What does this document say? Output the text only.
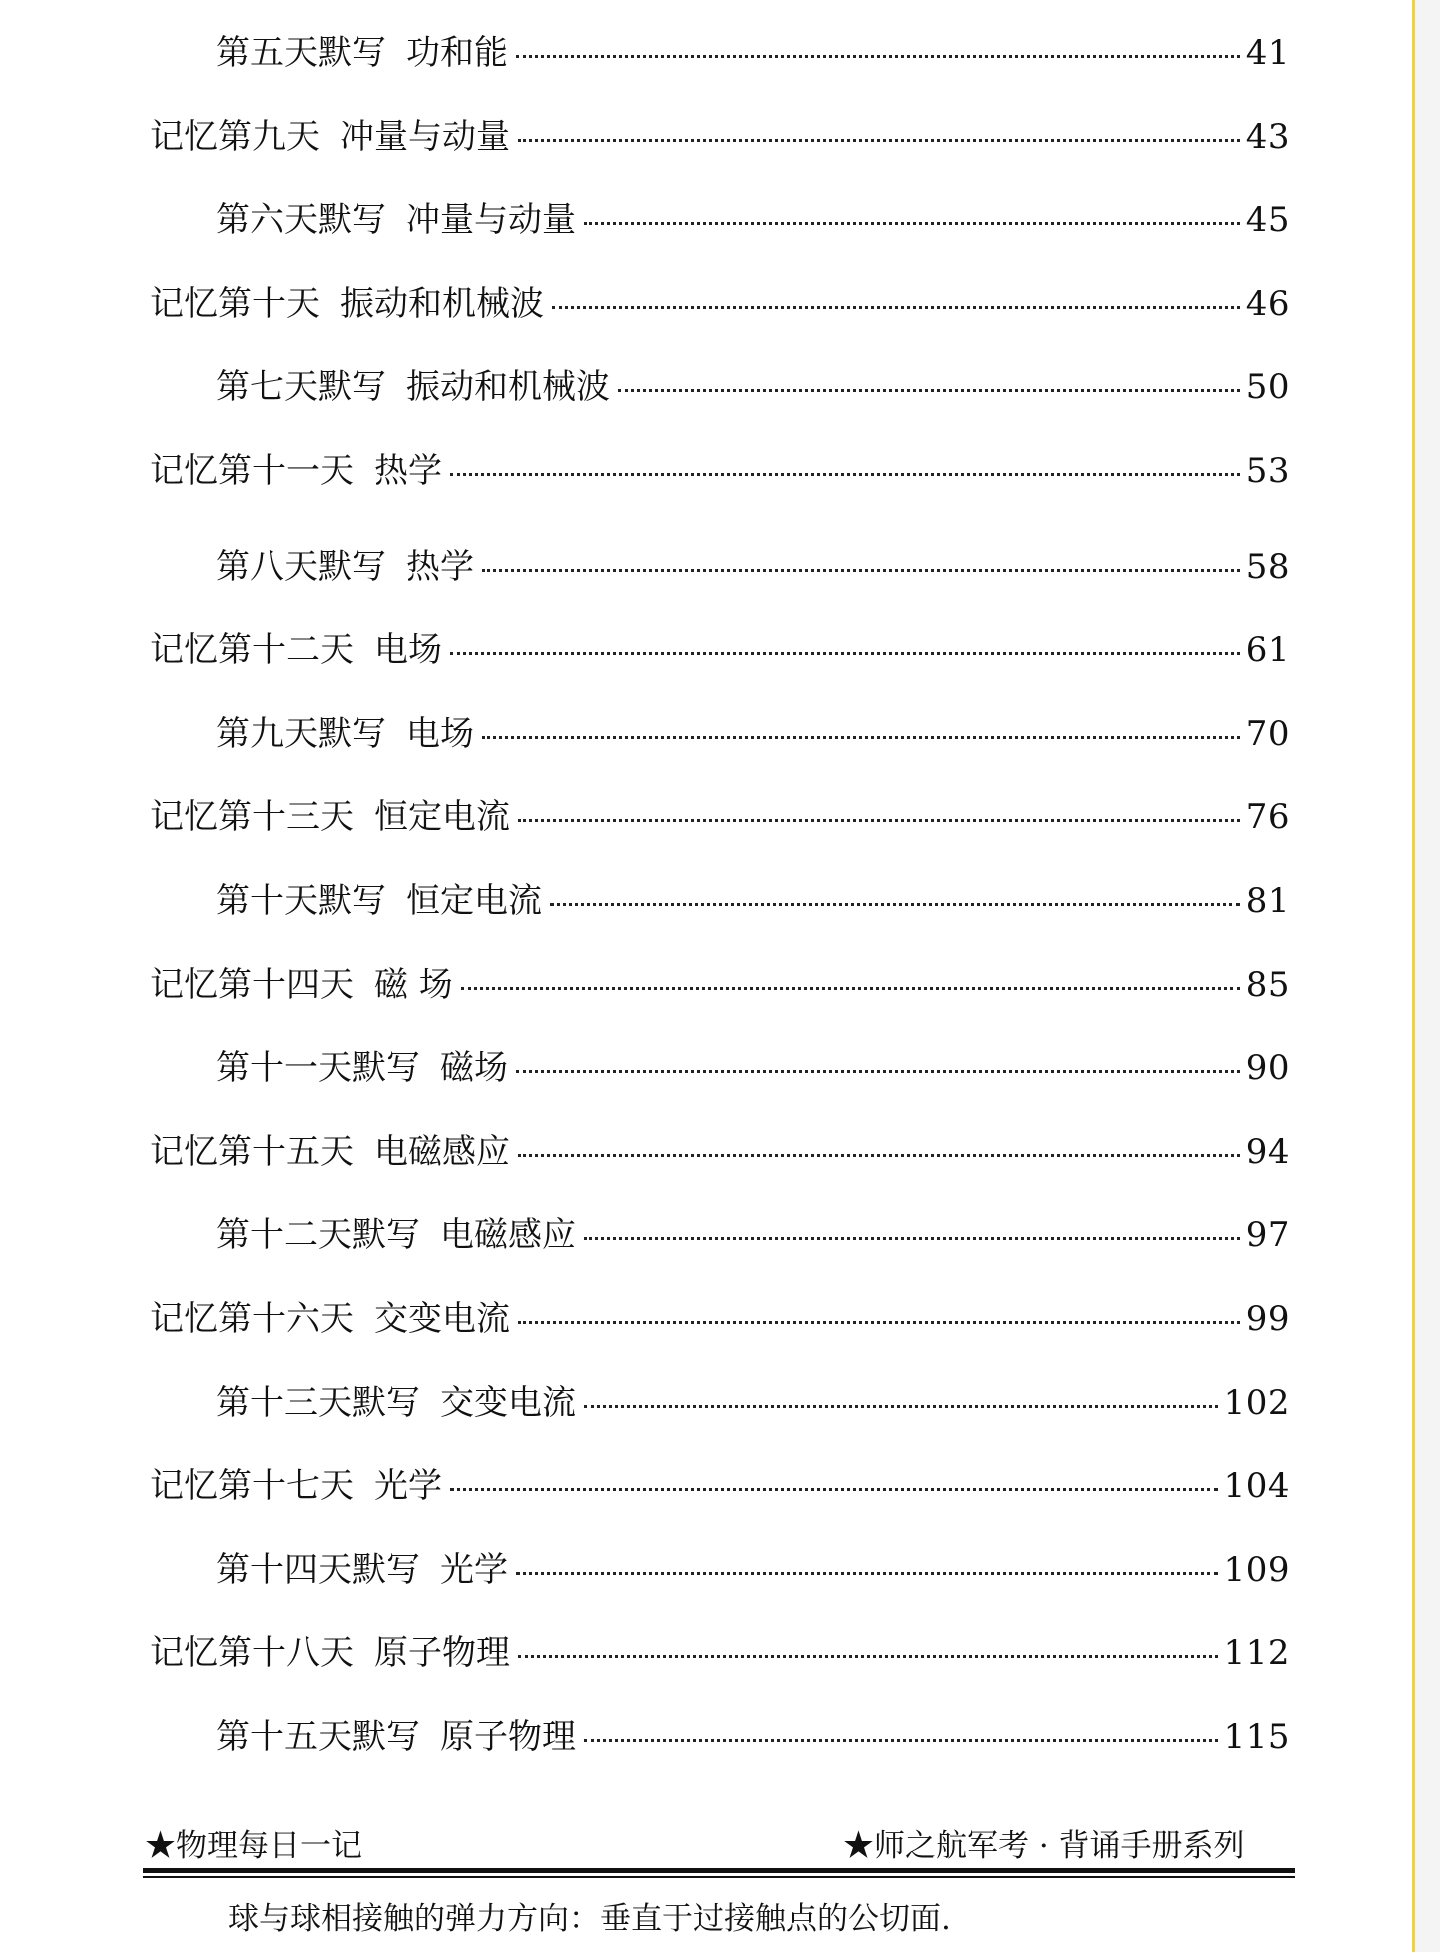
第五天默写 功和能	41
记忆第九天 冲量与动量	43
第六天默写 冲量与动量	45
记忆第十天 振动和机械波	46
第七天默写 振动和机械波	50
记忆第十一天 热学	53
第八天默写 热学	58
记忆第十二天 电场	61
第九天默写 电场	70
记忆第十三天 恒定电流	76
第十天默写 恒定电流	81
记忆第十四天 磁 场	85
第十一天默写 磁场	90
记忆第十五天 电磁感应	94
第十二天默写 电磁感应	97
记忆第十六天 交变电流	99
第十三天默写 交变电流	102
记忆第十七天 光学	104
第十四天默写 光学	109
记忆第十八天 原子物理	112
第十五天默写 原子物理	115
★物理每日一记	★师之航军考 · 背诵手册系列
球与球相接触的弹力方向：垂直于过接触点的公切面.
